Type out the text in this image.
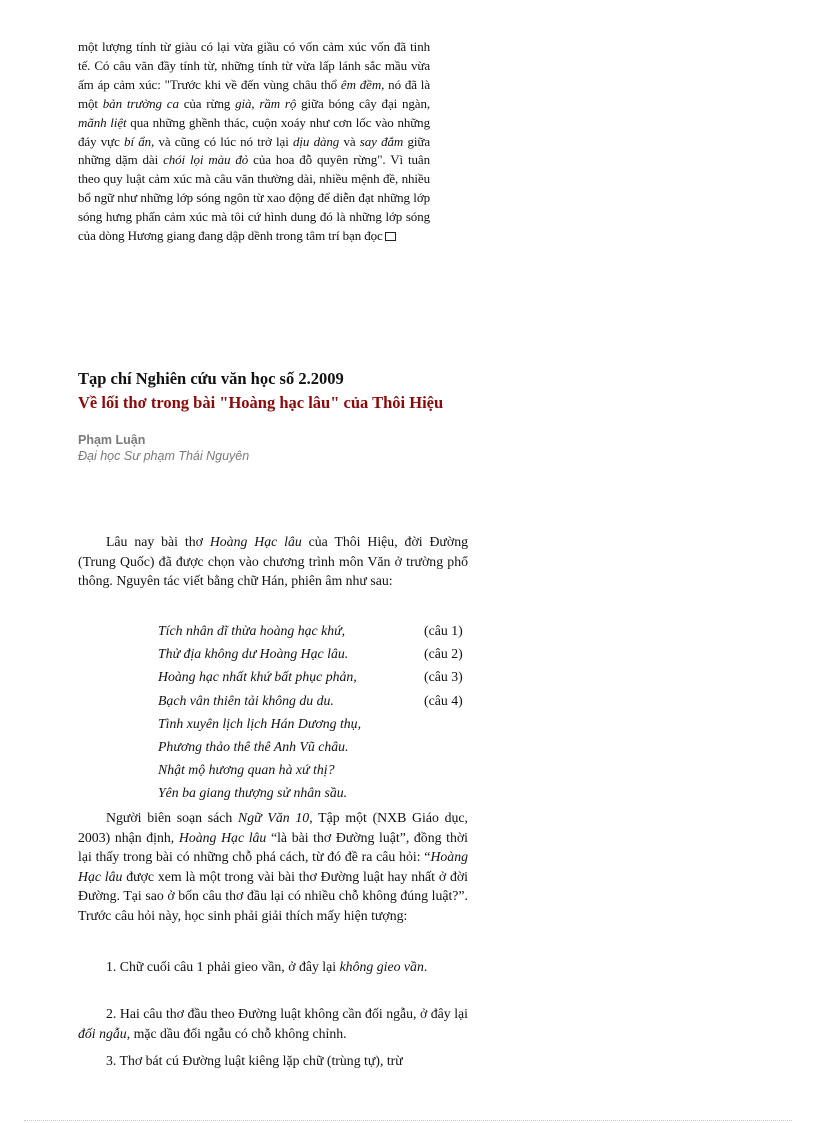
một lượng tính từ giàu có lại vừa giầu có vốn cảm xúc vốn đã tinh tế. Có câu văn đầy tính từ, những tính từ vừa lấp lánh sắc mầu vừa ấm áp cảm xúc: "Trước khi về đến vùng châu thổ êm đềm, nó đã là một bản trường ca của rừng già, rầm rộ giữa bóng cây đại ngàn, mãnh liệt qua những ghềnh thác, cuộn xoáy như cơn lốc vào những đáy vực bí ẩn, và cũng có lúc nó trở lại dịu dàng và say đắm giữa những dặm dài chói lọi màu đỏ của hoa đỗ quyên rừng". Vì tuân theo quy luật cảm xúc mà câu văn thường dài, nhiều mệnh đề, nhiều bổ ngữ như những lớp sóng ngôn từ xao động để diễn đạt những lớp sóng hưng phấn cảm xúc mà tôi cứ hình dung đó là những lớp sóng của dòng Hương giang đang dập dềnh trong tâm trí bạn đọc

Tạp chí Nghiên cứu văn học số 2.2009
Về lối thơ trong bài "Hoàng hạc lâu" của Thôi Hiệu

Phạm Luận

Đại học Sư phạm Thái Nguyên

Lâu nay bài thơ Hoàng Hạc lâu của Thôi Hiệu, đời Đường (Trung Quốc) đã được chọn vào chương trình môn Văn ở trường phổ thông. Nguyên tác viết bằng chữ Hán, phiên âm như sau:

Tích nhân dĩ thừa hoàng hạc khứ,	(câu 1)
Thử địa không dư Hoàng Hạc lâu.	(câu 2)
Hoàng hạc nhất khứ bất phục phản,	(câu 3)
Bạch vân thiên tải không du du.	(câu 4)
Tình xuyên lịch lịch Hán Dương thụ,
Phương thảo thê thê Anh Vũ châu.
Nhật mộ hương quan hà xứ thị?
Yên ba giang thượng sử nhân sầu.

Người biên soạn sách Ngữ Văn 10, Tập một (NXB Giáo dục, 2003) nhận định, Hoàng Hạc lâu “là bài thơ Đường luật”, đồng thời lại thấy trong bài có những chỗ phá cách, từ đó đề ra câu hỏi: “Hoàng Hạc lâu được xem là một trong vài bài thơ Đường luật hay nhất ở đời Đường. Tại sao ở bốn câu thơ đầu lại có nhiều chỗ không đúng luật?”. Trước câu hỏi này, học sinh phải giải thích mấy hiện tượng:

1. Chữ cuối câu 1 phải gieo vần, ở đây lại không gieo vần.

2. Hai câu thơ đầu theo Đường luật không cần đối ngẫu, ở đây lại đối ngẫu, mặc dầu đối ngẫu có chỗ không chỉnh.

3. Thơ bát cú Đường luật kiêng lặp chữ (trùng tự), trừ
